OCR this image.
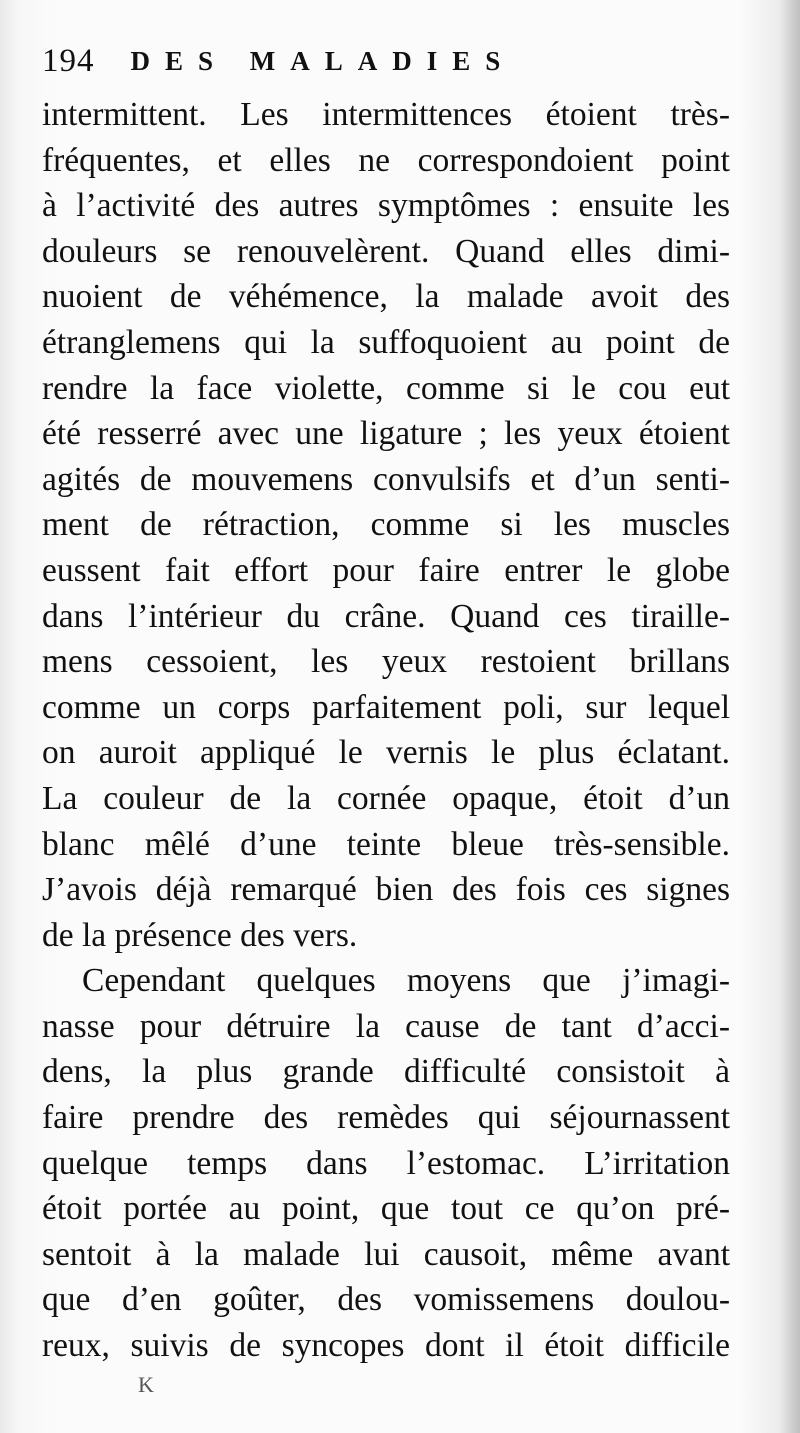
194 DES MALADIES
intermittent. Les intermittences étoient très-
fréquentes, et elles ne correspondoient point
à l’activité des autres symptômes : ensuite les
douleurs se renouvelèrent. Quand elles dimi-
nuoient de véhémence, la malade avoit des
étranglemens qui la suffoquoient au point de
rendre la face violette, comme si le cou eut
été resserré avec une ligature ; les yeux étoient
agités de mouvemens convulsifs et d’un senti-
ment de rétraction, comme si les muscles
eussent fait effort pour faire entrer le globe
dans l’intérieur du crâne. Quand ces tiraille-
mens cessoient, les yeux restoient brillans
comme un corps parfaitement poli, sur lequel
on auroit appliqué le vernis le plus éclatant.
La couleur de la cornée opaque, étoit d’un
blanc mêlé d’une teinte bleue très-sensible.
J’avois déjà remarqué bien des fois ces signes
de la présence des vers.
Cependant quelques moyens que j’imagi-
nasse pour détruire la cause de tant d’acci-
dens, la plus grande difficulté consistoit à
faire prendre des remèdes qui séjournassent
quelque temps dans l’estomac. L’irritation
étoit portée au point, que tout ce qu’on pré-
sentoit à la malade lui causoit, même avant
que d’en goûter, des vomissemens doulou-
reux, suivis de syncopes dont il étoit difficile
K
